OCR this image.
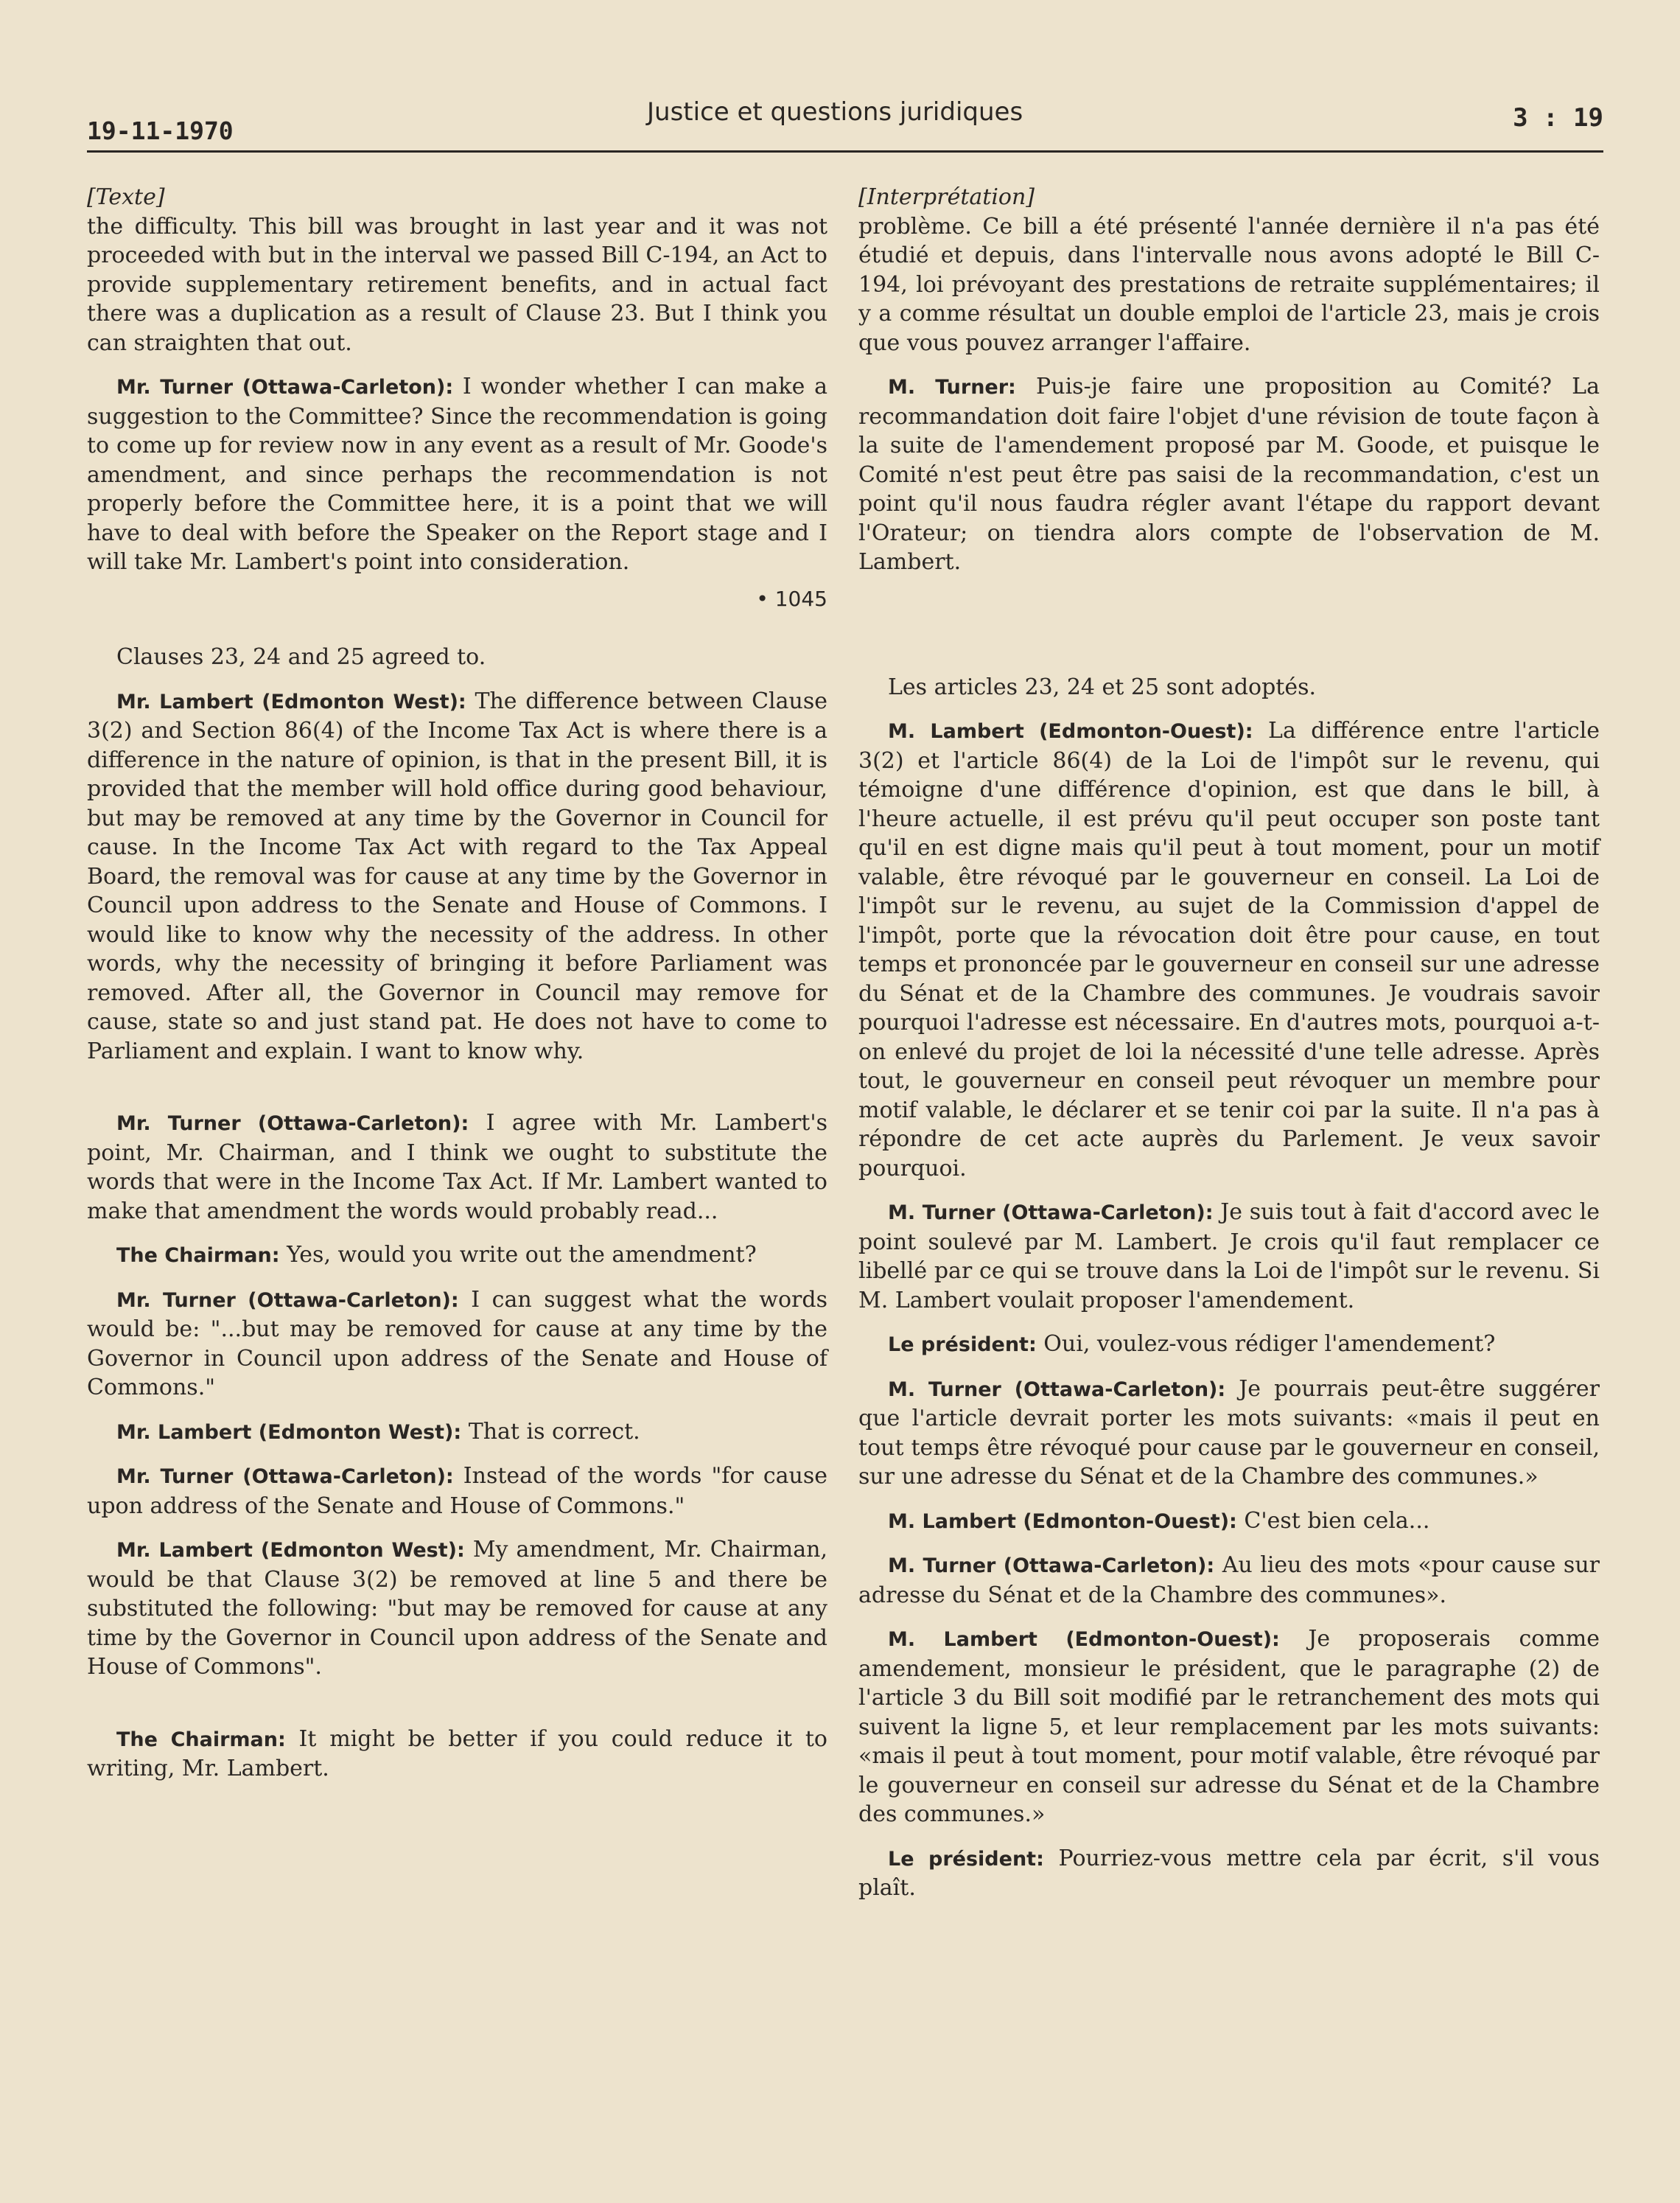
19-11-1970
Justice et questions juridiques	3 : 19

[Texte]

the difficulty. This bill was brought in last year and it was not proceeded with but in the interval we passed Bill C-194, an Act to provide supplementary retirement benefits, and in actual fact there was a duplication as a result of Clause 23. But I think you can straighten that out.

Mr. Turner (Ottawa-Carleton): I wonder whether I can make a suggestion to the Committee? Since the recommendation is going to come up for review now in any event as a result of Mr. Goode's amendment, and since perhaps the recommendation is not properly before the Committee here, it is a point that we will have to deal with before the Speaker on the Report stage and I will take Mr. Lambert's point into consideration.

• 1045

Clauses 23, 24 and 25 agreed to.

Mr. Lambert (Edmonton West): The difference between Clause 3(2) and Section 86(4) of the Income Tax Act is where there is a difference in the nature of opinion, is that in the present Bill, it is provided that the member will hold office during good behaviour, but may be removed at any time by the Governor in Council for cause. In the Income Tax Act with regard to the Tax Appeal Board, the removal was for cause at any time by the Governor in Council upon address to the Senate and House of Commons. I would like to know why the necessity of the address. In other words, why the necessity of bringing it before Parliament was removed. After all, the Governor in Council may remove for cause, state so and just stand pat. He does not have to come to Parliament and explain. I want to know why.

Mr. Turner (Ottawa-Carleton): I agree with Mr. Lambert's point, Mr. Chairman, and I think we ought to substitute the words that were in the Income Tax Act. If Mr. Lambert wanted to make that amendment the words would probably read...

The Chairman: Yes, would you write out the amendment?

Mr. Turner (Ottawa-Carleton): I can suggest what the words would be: "...but may be removed for cause at any time by the Governor in Council upon address of the Senate and House of Commons."

Mr. Lambert (Edmonton West): That is correct.

Mr. Turner (Ottawa-Carleton): Instead of the words "for cause upon address of the Senate and House of Commons."

Mr. Lambert (Edmonton West): My amendment, Mr. Chairman, would be that Clause 3(2) be removed at line 5 and there be substituted the following: "but may be removed for cause at any time by the Governor in Council upon address of the Senate and House of Commons".

The Chairman: It might be better if you could reduce it to writing, Mr. Lambert.

[Interprétation]

problème. Ce bill a été présenté l'année dernière il n'a pas été étudié et depuis, dans l'intervalle nous avons adopté le Bill C-194, loi prévoyant des prestations de retraite supplémentaires; il y a comme résultat un double emploi de l'article 23, mais je crois que vous pouvez arranger l'affaire.

M. Turner: Puis-je faire une proposition au Comité? La recommandation doit faire l'objet d'une révision de toute façon à la suite de l'amendement proposé par M. Goode, et puisque le Comité n'est peut être pas saisi de la recommandation, c'est un point qu'il nous faudra régler avant l'étape du rapport devant l'Orateur; on tiendra alors compte de l'observation de M. Lambert.

Les articles 23, 24 et 25 sont adoptés.

M. Lambert (Edmonton-Ouest): La différence entre l'article 3(2) et l'article 86(4) de la Loi de l'impôt sur le revenu, qui témoigne d'une différence d'opinion, est que dans le bill, à l'heure actuelle, il est prévu qu'il peut occuper son poste tant qu'il en est digne mais qu'il peut à tout moment, pour un motif valable, être révoqué par le gouverneur en conseil. La Loi de l'impôt sur le revenu, au sujet de la Commission d'appel de l'impôt, porte que la révocation doit être pour cause, en tout temps et prononcée par le gouverneur en conseil sur une adresse du Sénat et de la Chambre des communes. Je voudrais savoir pourquoi l'adresse est nécessaire. En d'autres mots, pourquoi a-t-on enlevé du projet de loi la nécessité d'une telle adresse. Après tout, le gouverneur en conseil peut révoquer un membre pour motif valable, le déclarer et se tenir coi par la suite. Il n'a pas à répondre de cet acte auprès du Parlement. Je veux savoir pourquoi.

M. Turner (Ottawa-Carleton): Je suis tout à fait d'accord avec le point soulevé par M. Lambert. Je crois qu'il faut remplacer ce libellé par ce qui se trouve dans la Loi de l'impôt sur le revenu. Si M. Lambert voulait proposer l'amendement.

Le président: Oui, voulez-vous rédiger l'amendement?

M. Turner (Ottawa-Carleton): Je pourrais peut-être suggérer que l'article devrait porter les mots suivants: «mais il peut en tout temps être révoqué pour cause par le gouverneur en conseil, sur une adresse du Sénat et de la Chambre des communes.»

M. Lambert (Edmonton-Ouest): C'est bien cela...

M. Turner (Ottawa-Carleton): Au lieu des mots «pour cause sur adresse du Sénat et de la Chambre des communes».

M. Lambert (Edmonton-Ouest): Je proposerais comme amendement, monsieur le président, que le paragraphe (2) de l'article 3 du Bill soit modifié par le retranchement des mots qui suivent la ligne 5, et leur remplacement par les mots suivants: «mais il peut à tout moment, pour motif valable, être révoqué par le gouverneur en conseil sur adresse du Sénat et de la Chambre des communes.»

Le président: Pourriez-vous mettre cela par écrit, s'il vous plaît.
